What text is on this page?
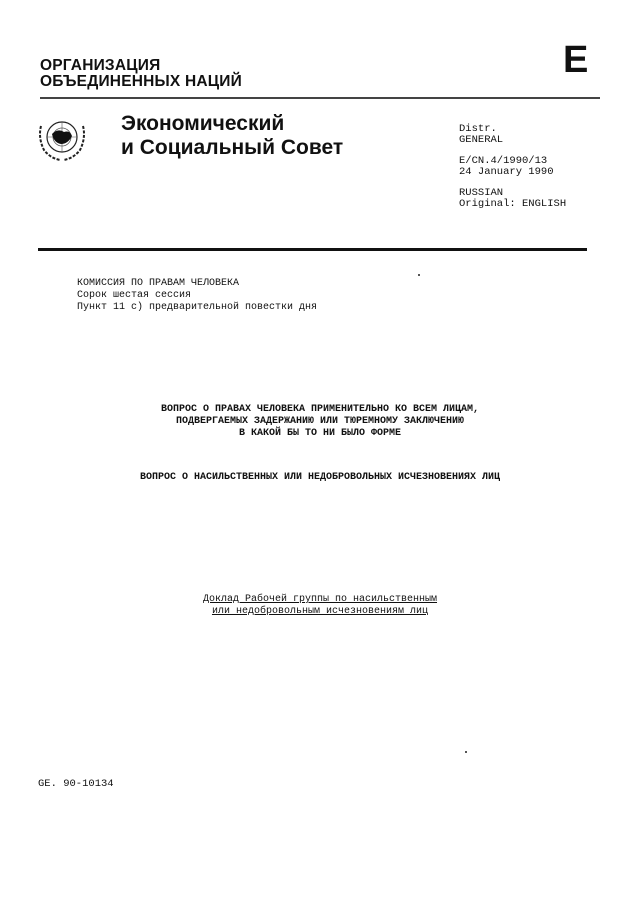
ОРГАНИЗАЦИЯ
ОБЪЕДИНЕННЫХ НАЦИЙ
E
Экономический
и Социальный Совет
Distr.
GENERAL
E/CN.4/1990/13
24 January 1990
RUSSIAN
Original: ENGLISH
КОМИССИЯ ПО ПРАВАМ ЧЕЛОВЕКА
Сорок шестая сессия
Пункт 11 с) предварительной повестки дня
ВОПРОС О ПРАВАХ ЧЕЛОВЕКА ПРИМЕНИТЕЛЬНО КО ВСЕМ ЛИЦАМ,
ПОДВЕРГАЕМЫХ ЗАДЕРЖАНИЮ ИЛИ ТЮРЕМНОМУ ЗАКЛЮЧЕНИЮ
В КАКОЙ БЫ ТО НИ БЫЛО ФОРМЕ
ВОПРОС О НАСИЛЬСТВЕННЫХ ИЛИ НЕДОБРОВОЛЬНЫХ ИСЧЕЗНОВЕНИЯХ ЛИЦ
Доклад Рабочей группы по насильственным
или недобровольным исчезновениям лиц
GE. 90-10134
